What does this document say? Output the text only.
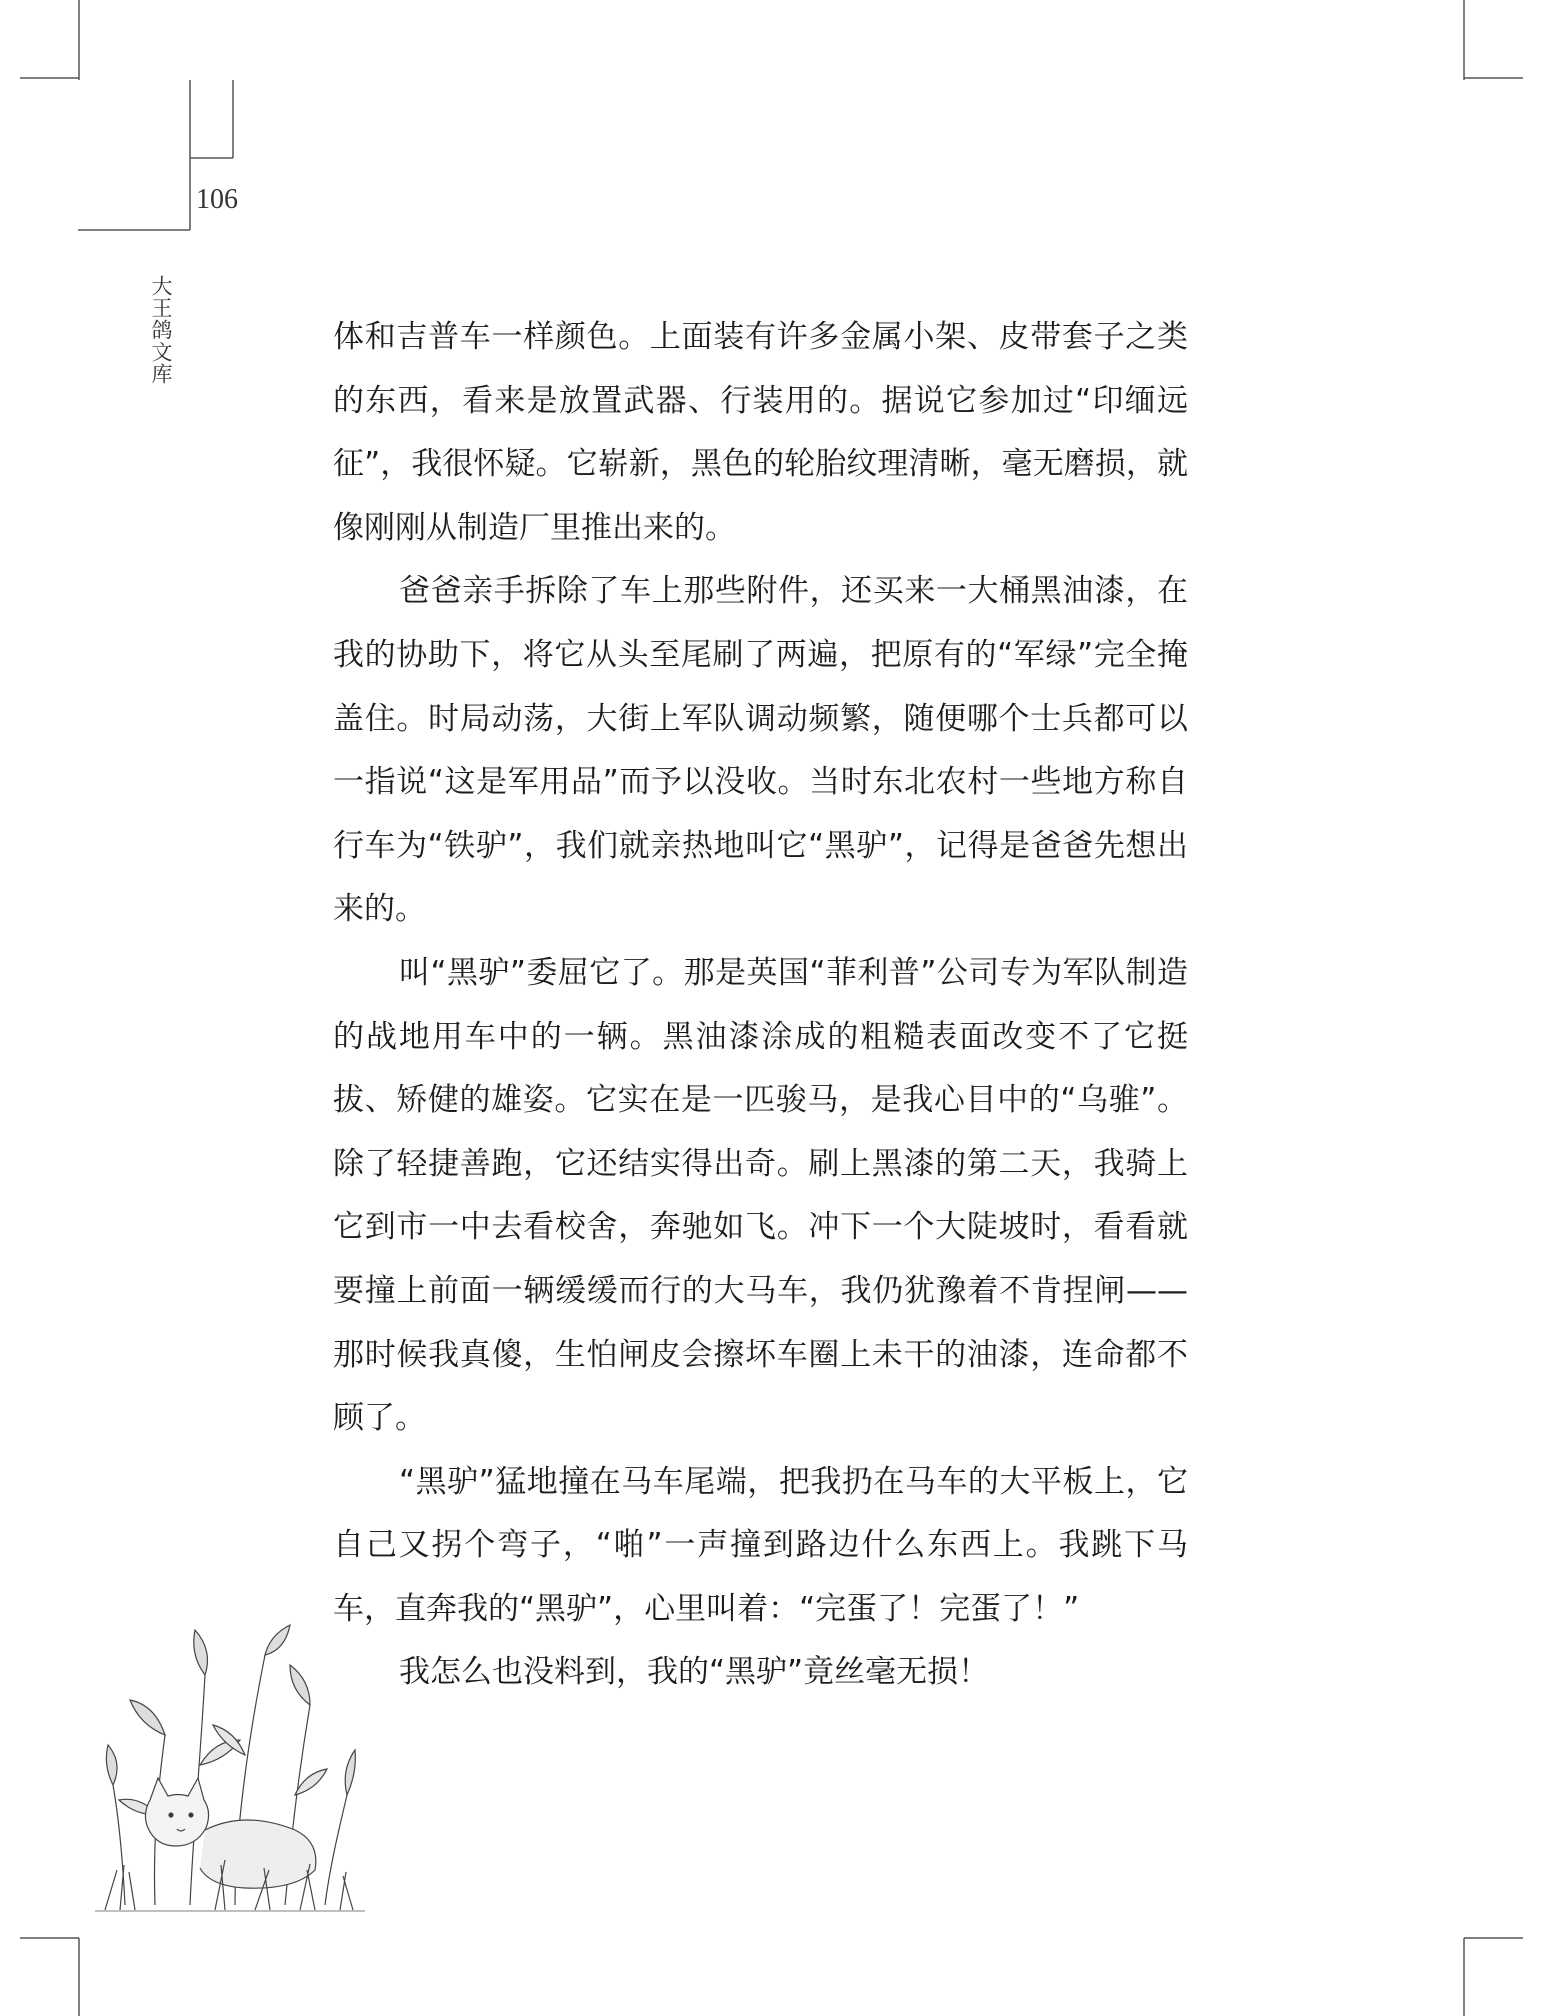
106
大王鸽文库	体和吉普车一样颜色。上面装有许多金属小架、皮带套子之类的东西，看来是放置武器、行装用的。据说它参加过“印缅远征”，我很怀疑。它崭新，黑色的轮胎纹理清晰，毫无磨损，就像刚刚从制造厂里推出来的。

爸爸亲手拆除了车上那些附件，还买来一大桶黑油漆，在我的协助下，将它从头至尾刷了两遍，把原有的“军绿”完全掩盖住。时局动荡，大街上军队调动频繁，随便哪个士兵都可以一指说“这是军用品”而予以没收。当时东北农村一些地方称自行车为“铁驴”，我们就亲热地叫它“黑驴”，记得是爸爸先想出来的。

叫“黑驴”委屈它了。那是英国“菲利普”公司专为军队制造的战地用车中的一辆。黑油漆涂成的粗糙表面改变不了它挺拔、矫健的雄姿。它实在是一匹骏马，是我心目中的“乌骓”。除了轻捷善跑，它还结实得出奇。刷上黑漆的第二天，我骑上它到市一中去看校舍，奔驰如飞。冲下一个大陡坡时，看看就要撞上前面一辆缓缓而行的大马车，我仍犹豫着不肯捏闸——那时候我真傻，生怕闸皮会擦坏车圈上未干的油漆，连命都不顾了。

“黑驴”猛地撞在马车尾端，把我扔在马车的大平板上，它自己又拐个弯子，“啪”一声撞到路边什么东西上。我跳下马车，直奔我的“黑驴”，心里叫着：“完蛋了！完蛋了！”

我怎么也没料到，我的“黑驴”竟丝毫无损！
